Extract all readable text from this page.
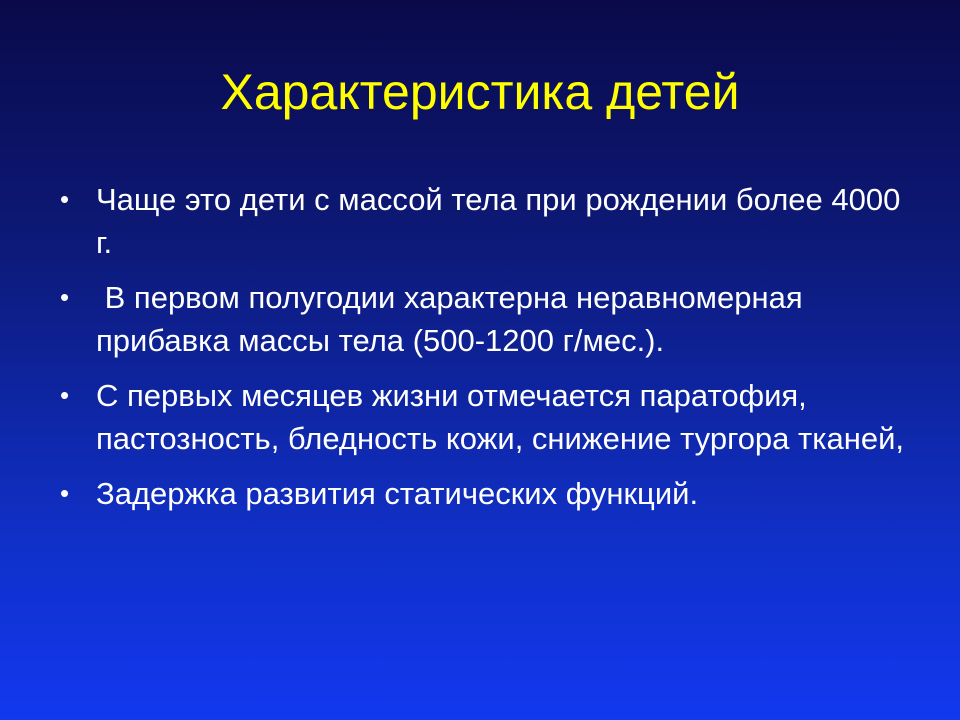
Характеристика детей
• Чаще это дети с массой тела при рождении более 4000 г.
• В первом полугодии характерна неравномерная прибавка массы тела (500-1200 г/мес.).
• С первых месяцев жизни отмечается паратофия, пастозность, бледность кожи, снижение тургора тканей,
• Задержка развития статических функций.
